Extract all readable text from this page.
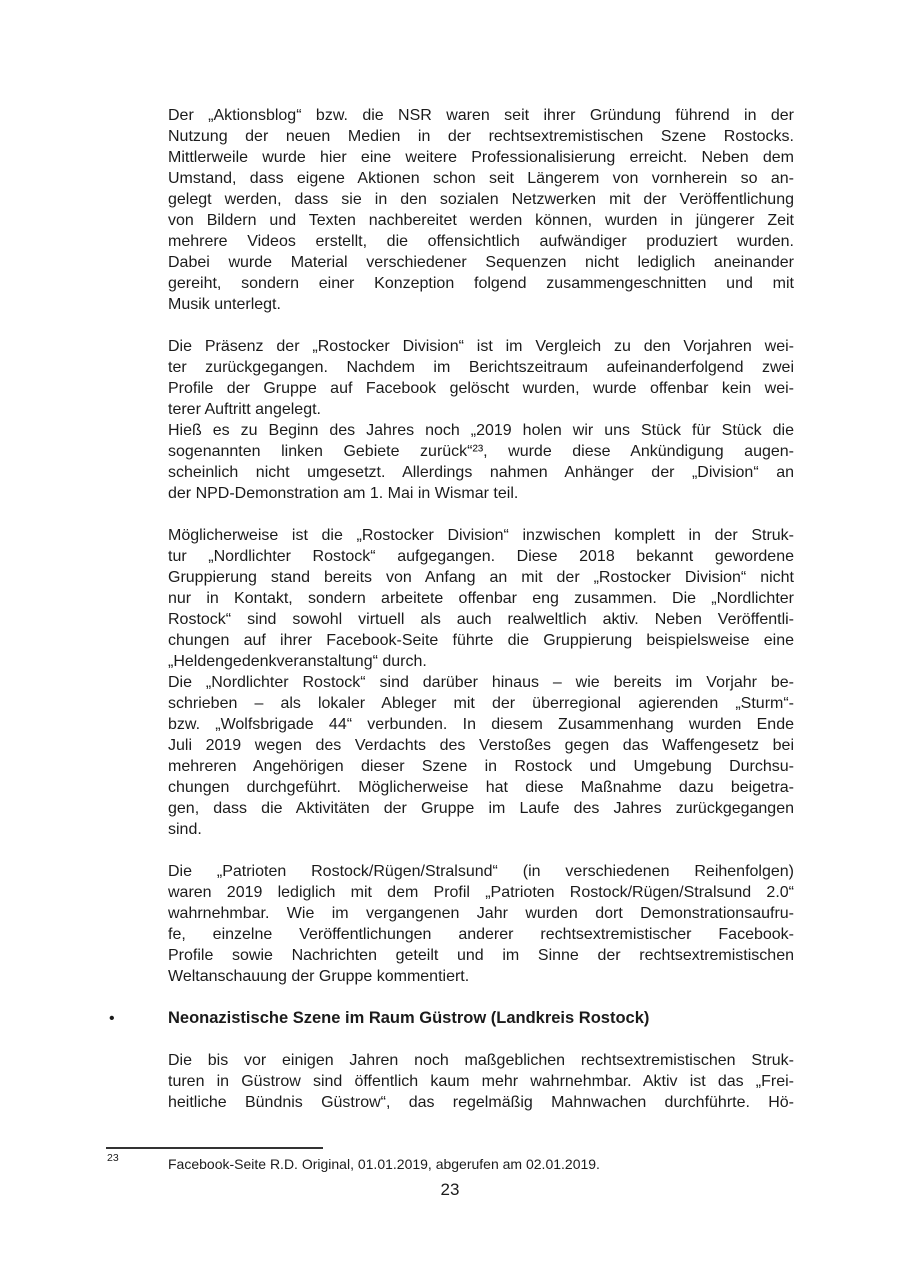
Der „Aktionsblog“ bzw. die NSR waren seit ihrer Gründung führend in der
Nutzung der neuen Medien in der rechtsextremistischen Szene Rostocks.
Mittlerweile wurde hier eine weitere Professionalisierung erreicht. Neben dem
Umstand, dass eigene Aktionen schon seit Längerem von vornherein so an-
gelegt werden, dass sie in den sozialen Netzwerken mit der Veröffentlichung
von Bildern und Texten nachbereitet werden können, wurden in jüngerer Zeit
mehrere Videos erstellt, die offensichtlich aufwändiger produziert wurden.
Dabei wurde Material verschiedener Sequenzen nicht lediglich aneinander
gereiht, sondern einer Konzeption folgend zusammengeschnitten und mit
Musik unterlegt.
Die Präsenz der „Rostocker Division“ ist im Vergleich zu den Vorjahren wei-
ter zurückgegangen. Nachdem im Berichtszeitraum aufeinanderfolgend zwei
Profile der Gruppe auf Facebook gelöscht wurden, wurde offenbar kein wei-
terer Auftritt angelegt.
Hieß es zu Beginn des Jahres noch „2019 holen wir uns Stück für Stück die
sogenannten linken Gebiete zurück“²³, wurde diese Ankündigung augen-
scheinlich nicht umgesetzt. Allerdings nahmen Anhänger der „Division“ an
der NPD-Demonstration am 1. Mai in Wismar teil.
Möglicherweise ist die „Rostocker Division“ inzwischen komplett in der Struk-
tur „Nordlichter Rostock“ aufgegangen. Diese 2018 bekannt gewordene
Gruppierung stand bereits von Anfang an mit der „Rostocker Division“ nicht
nur in Kontakt, sondern arbeitete offenbar eng zusammen. Die „Nordlichter
Rostock“ sind sowohl virtuell als auch realweltlich aktiv. Neben Veröffentli-
chungen auf ihrer Facebook-Seite führte die Gruppierung beispielsweise eine
„Heldengedenkveranstaltung“ durch.
Die „Nordlichter Rostock“ sind darüber hinaus – wie bereits im Vorjahr be-
schrieben – als lokaler Ableger mit der überregional agierenden „Sturm“-
bzw. „Wolfsbrigade 44“ verbunden. In diesem Zusammenhang wurden Ende
Juli 2019 wegen des Verdachts des Verstoßes gegen das Waffengesetz bei
mehreren Angehörigen dieser Szene in Rostock und Umgebung Durchsu-
chungen durchgeführt. Möglicherweise hat diese Maßnahme dazu beigetra-
gen, dass die Aktivitäten der Gruppe im Laufe des Jahres zurückgegangen
sind.
Die „Patrioten Rostock/Rügen/Stralsund“ (in verschiedenen Reihenfolgen)
waren 2019 lediglich mit dem Profil „Patrioten Rostock/Rügen/Stralsund 2.0“
wahrnehmbar. Wie im vergangenen Jahr wurden dort Demonstrationsaufru-
fe, einzelne Veröffentlichungen anderer rechtsextremistischer Facebook-
Profile sowie Nachrichten geteilt und im Sinne der rechtsextremistischen
Weltanschauung der Gruppe kommentiert.
•	Neonazistische Szene im Raum Güstrow (Landkreis Rostock)
Die bis vor einigen Jahren noch maßgeblichen rechtsextremistischen Struk-
turen in Güstrow sind öffentlich kaum mehr wahrnehmbar. Aktiv ist das „Frei-
heitliche Bündnis Güstrow“, das regelmäßig Mahnwachen durchführte. Hö-
23	Facebook-Seite R.D. Original, 01.01.2019, abgerufen am 02.01.2019.
23
